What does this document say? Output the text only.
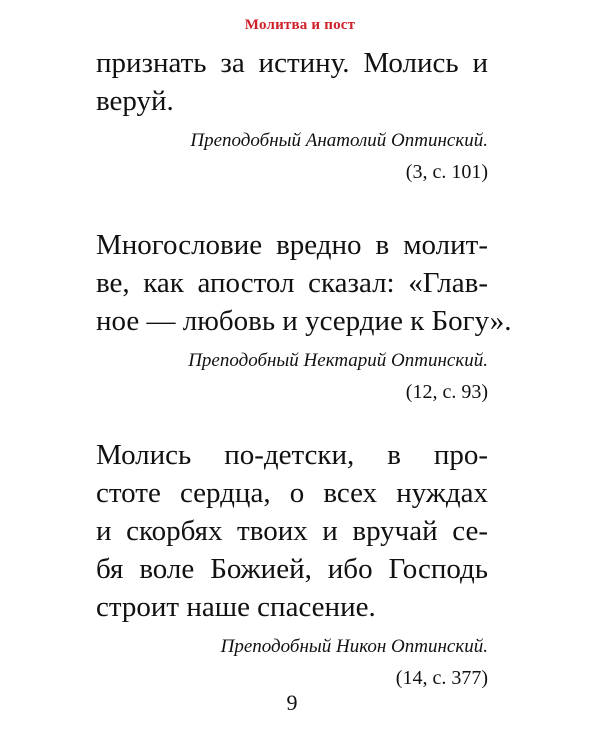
Молитва и пост

признать за истину. Молись и
веруй.

Преподобный Анатолий Оптинский.
(3, с. 101)

Многословие вредно в молит-
ве, как апостол сказал: «Глав-
ное — любовь и усердие к Богу».

Преподобный Нектарий Оптинский.
(12, с. 93)

Молись по-детски, в про-
стоте сердца, о всех нуждах
и скорбях твоих и вручай се-
бя воле Божией, ибо Господь
строит наше спасение.

Преподобный Никон Оптинский.
(14, с. 377)
9
